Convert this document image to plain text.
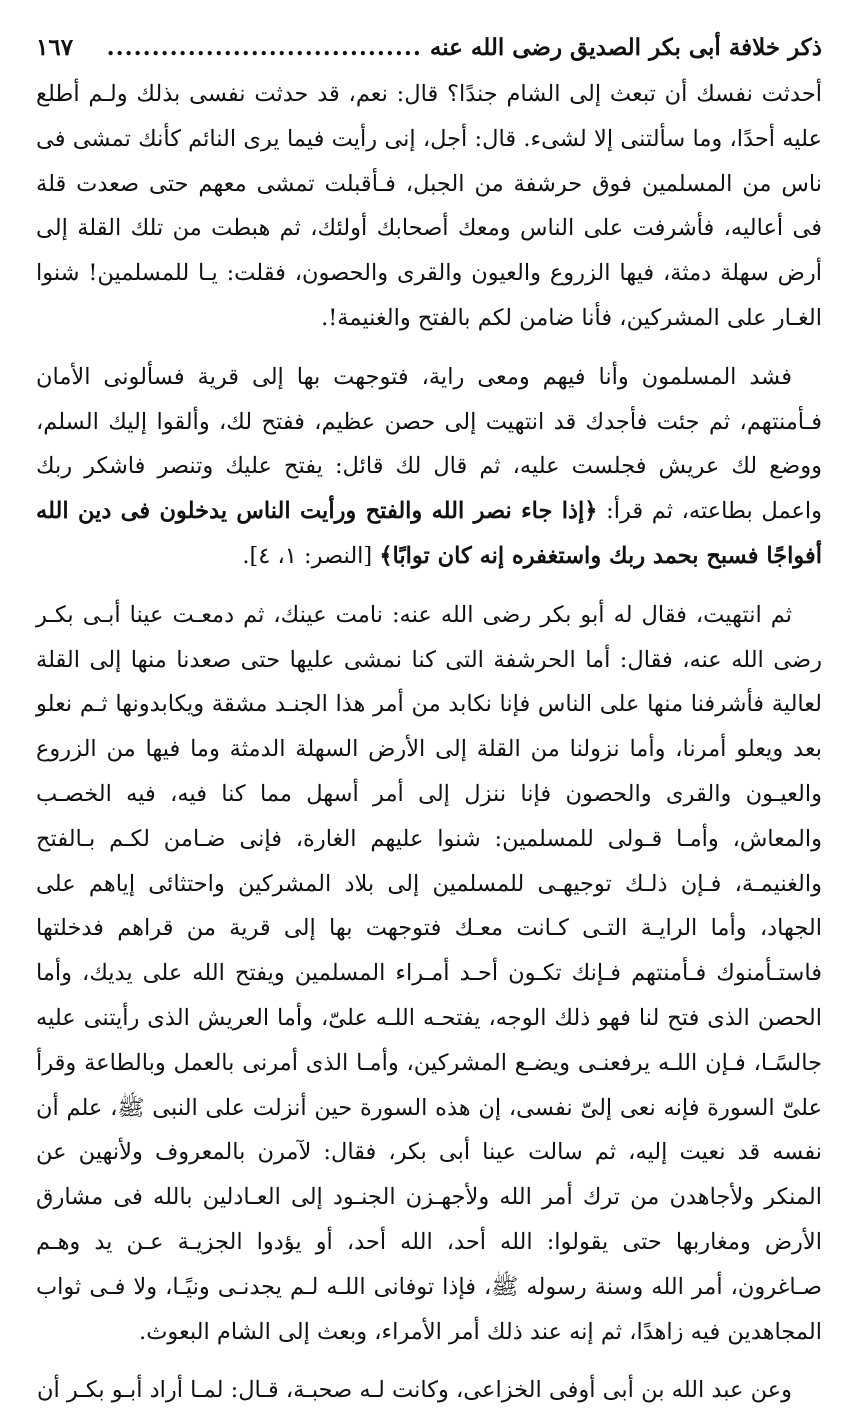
ذكر خلافة أبى بكر الصديق رضى الله عنه
...................................
١٦٧

أحدثت نفسك أن تبعث إلى الشام جندًا؟ قال: نعم، قد حدثت نفسى بذلك ولـم أطلع عليه أحدًا، وما سألتنى إلا لشىء. قال: أجل، إنى رأيت فيما يرى النائم كأنك تمشى فى ناس من المسلمين فوق حرشفة من الجبل، فـأقبلت تمشى معهم حتى صعدت قلة فى أعاليه، فأشرفت على الناس ومعك أصحابك أولئك، ثم هبطت من تلك القلة إلى أرض سهلة دمثة، فيها الزروع والعيون والقرى والحصون، فقلت: يـا للمسلمين! شنوا الغـار على المشركين، فأنا ضامن لكم بالفتح والغنيمة!.

فشد المسلمون وأنا فيهم ومعى راية، فتوجهت بها إلى قرية فسألونى الأمان فـأمنتهم، ثم جئت فأجدك قد انتهيت إلى حصن عظيم، ففتح لك، وألقوا إليك السلم، ووضع لك عريش فجلست عليه، ثم قال لك قائل: يفتح عليك وتنصر فاشكر ربك واعمل بطاعته، ثم قرأ: ﴿إذا جاء نصر الله والفتح ورأيت الناس يدخلون فى دين الله أفواجًا فسبح بحمد ربك واستغفره إنه كان توابًا﴾ [النصر: ١، ٤].

ثم انتهيت، فقال له أبو بكر رضى الله عنه: نامت عينك، ثم دمعـت عينا أبـى بكـر رضى الله عنه، فقال: أما الحرشفة التى كنا نمشى عليها حتى صعدنا منها إلى القلة لعالية فأشرفنا منها على الناس فإنا نكابد من أمر هذا الجنـد مشقة ويكابدونها ثـم نعلو بعد ويعلو أمرنا، وأما نزولنا من القلة إلى الأرض السهلة الدمثة وما فيها من الزروع والعيـون والقرى والحصون فإنا ننزل إلى أمر أسهل مما كنا فيه، فيه الخصـب والمعاش، وأمـا قـولى للمسلمين: شنوا عليهم الغارة، فإنى ضـامن لكـم بـالفتح والغنيمـة، فـإن ذلـك توجيهـى للمسلمين إلى بلاد المشركين واحتثائى إياهم على الجهاد، وأما الرايـة التـى كـانت معـك فتوجهت بها إلى قرية من قراهم فدخلتها فاستـأمنوك فـأمنتهم فـإنك تكـون أحـد أمـراء المسلمين ويفتح الله على يديك، وأما الحصن الذى فتح لنا فهو ذلك الوجه، يفتحـه اللـه علىّ، وأما العريش الذى رأيتنى عليه جالسًـا، فـإن اللـه يرفعنـى ويضـع المشركين، وأمـا الذى أمرنى بالعمل وبالطاعة وقرأ علىّ السورة فإنه نعى إلىّ نفسى، إن هذه السورة حين أنزلت على النبى ﷺ، علم أن نفسه قد نعيت إليه، ثم سالت عينا أبى بكر، فقال: لآمرن بالمعروف ولأنهين عن المنكر ولأجاهدن من ترك أمر الله ولأجهـزن الجنـود إلى العـادلين بالله فى مشارق الأرض ومغاربها حتى يقولوا: الله أحد، الله أحد، أو يؤدوا الجزيـة عـن يد وهـم صـاغرون، أمر الله وسنة رسوله ﷺ، فإذا توفانى اللـه لـم يجدنـى ونيًـا، ولا فـى ثواب المجاهدين فيه زاهدًا، ثم إنه عند ذلك أمر الأمراء، وبعث إلى الشام البعوث.

وعن عبد الله بن أبى أوفى الخزاعى، وكانت لـه صحبـة، قـال: لمـا أراد أبـو بكـر أن
